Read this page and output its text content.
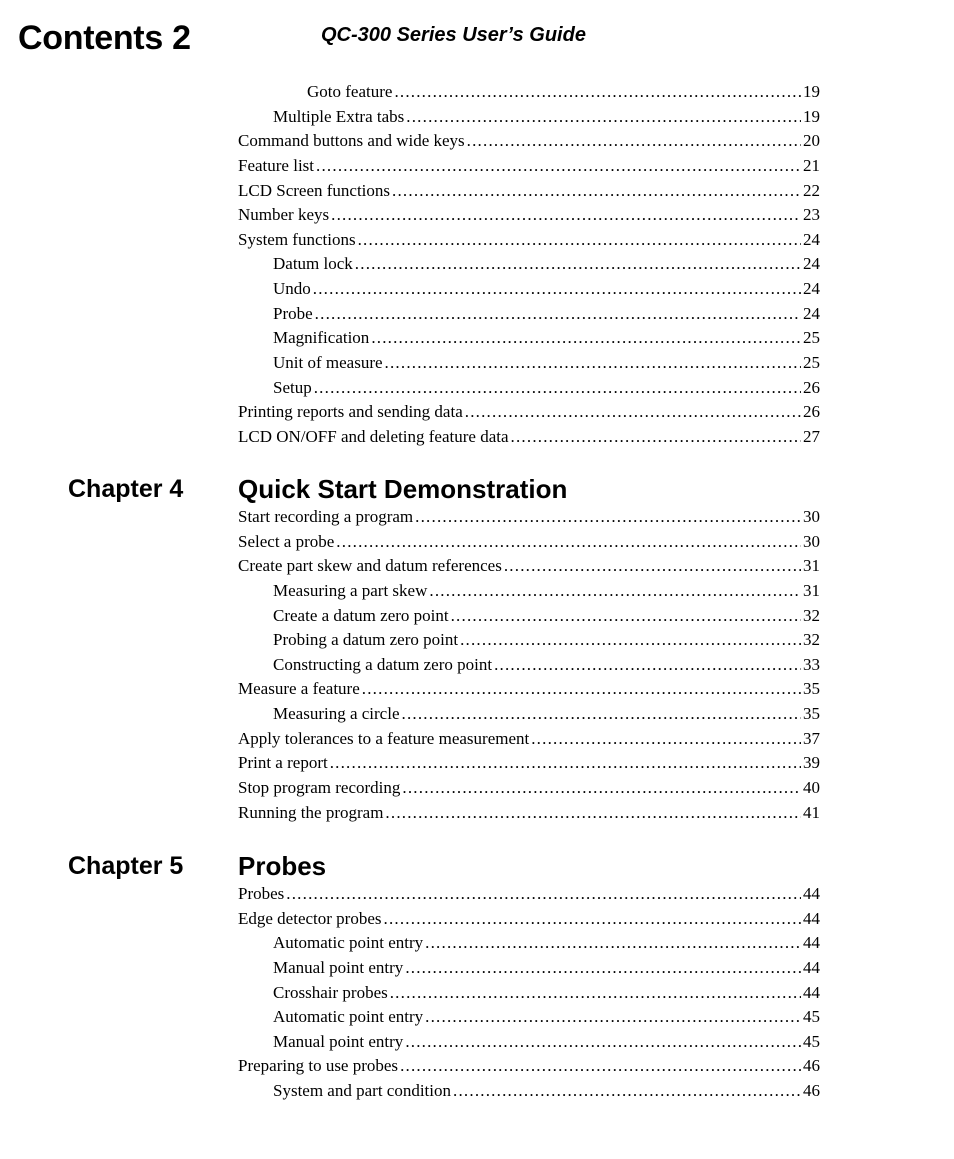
Contents 2	QC-300 Series User’s Guide
Goto feature .....	19
Multiple Extra tabs .....	19
Command buttons and wide keys .....	20
Feature list .....	21
LCD Screen functions .....	22
Number keys .....	23
System functions .....	24
Datum lock .....	24
Undo .....	24
Probe .....	24
Magnification .....	25
Unit of measure .....	25
Setup .....	26
Printing reports and sending data .....	26
LCD ON/OFF and deleting feature data .....	27
Chapter 4 Quick Start Demonstration
Start recording a program .....	30
Select a probe .....	30
Create part skew and datum references .....	31
Measuring a part skew .....	31
Create a datum zero point .....	32
Probing a datum zero point .....	32
Constructing a datum zero point .....	33
Measure a feature .....	35
Measuring a circle .....	35
Apply tolerances to a feature measurement .....	37
Print a report .....	39
Stop program recording .....	40
Running the program .....	41
Chapter 5 Probes
Probes .....	44
Edge detector probes .....	44
Automatic point entry .....	44
Manual point entry .....	44
Crosshair probes .....	44
Automatic point entry .....	45
Manual point entry .....	45
Preparing to use probes .....	46
System and part condition .....	46
